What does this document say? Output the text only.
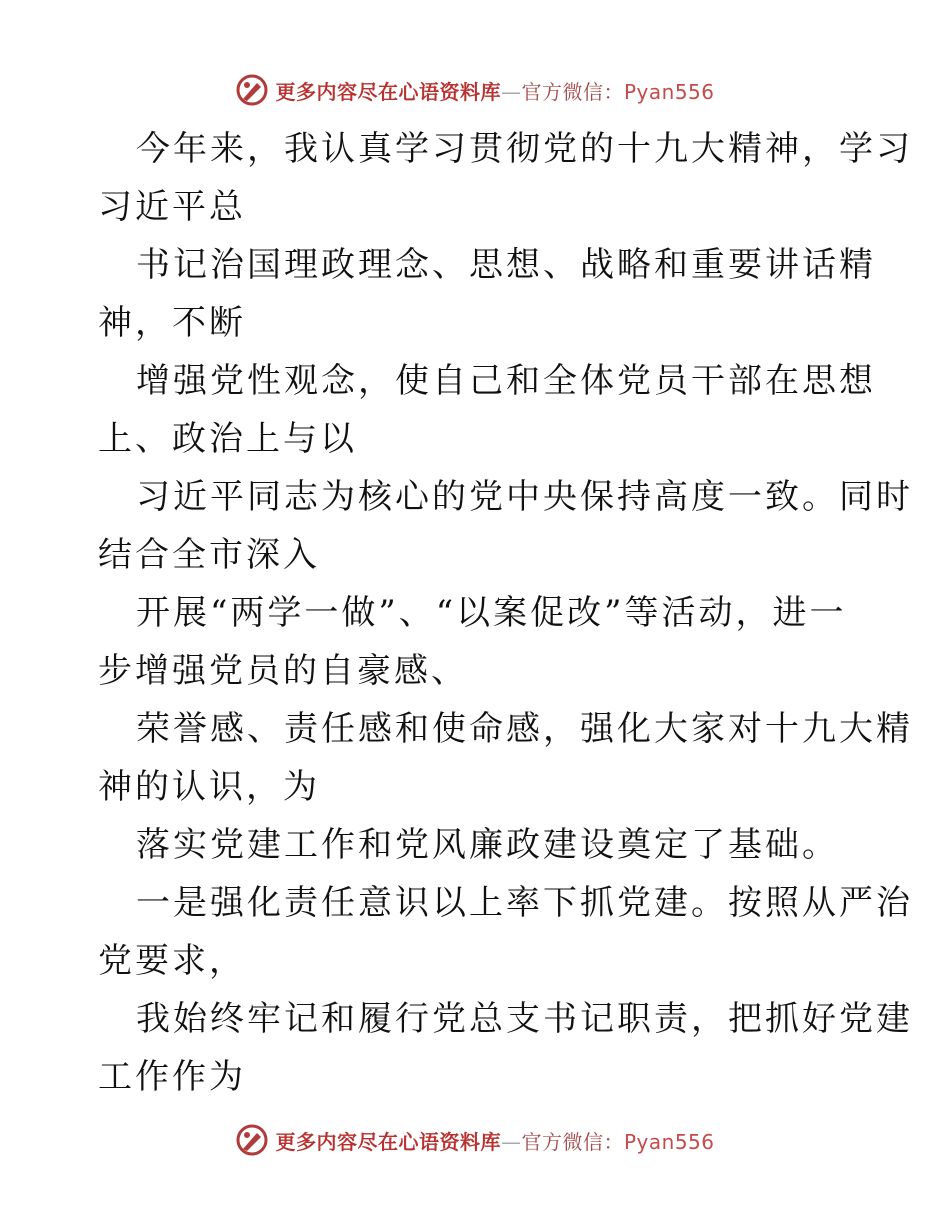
更多内容尽在心语资料库—官方微信：Pyan556
今年来，我认真学习贯彻党的十九大精神，学习
习近平总
书记治国理政理念、思想、战略和重要讲话精
神，不断
增强党性观念，使自己和全体党员干部在思想
上、政治上与以
习近平同志为核心的党中央保持高度一致。同时
结合全市深入
开展“两学一做”、“以案促改”等活动，进一
步增强党员的自豪感、
荣誉感、责任感和使命感，强化大家对十九大精
神的认识，为
落实党建工作和党风廉政建设奠定了基础。
一是强化责任意识以上率下抓党建。按照从严治
党要求，
我始终牢记和履行党总支书记职责，把抓好党建
工作作为
更多内容尽在心语资料库—官方微信：Pyan556
